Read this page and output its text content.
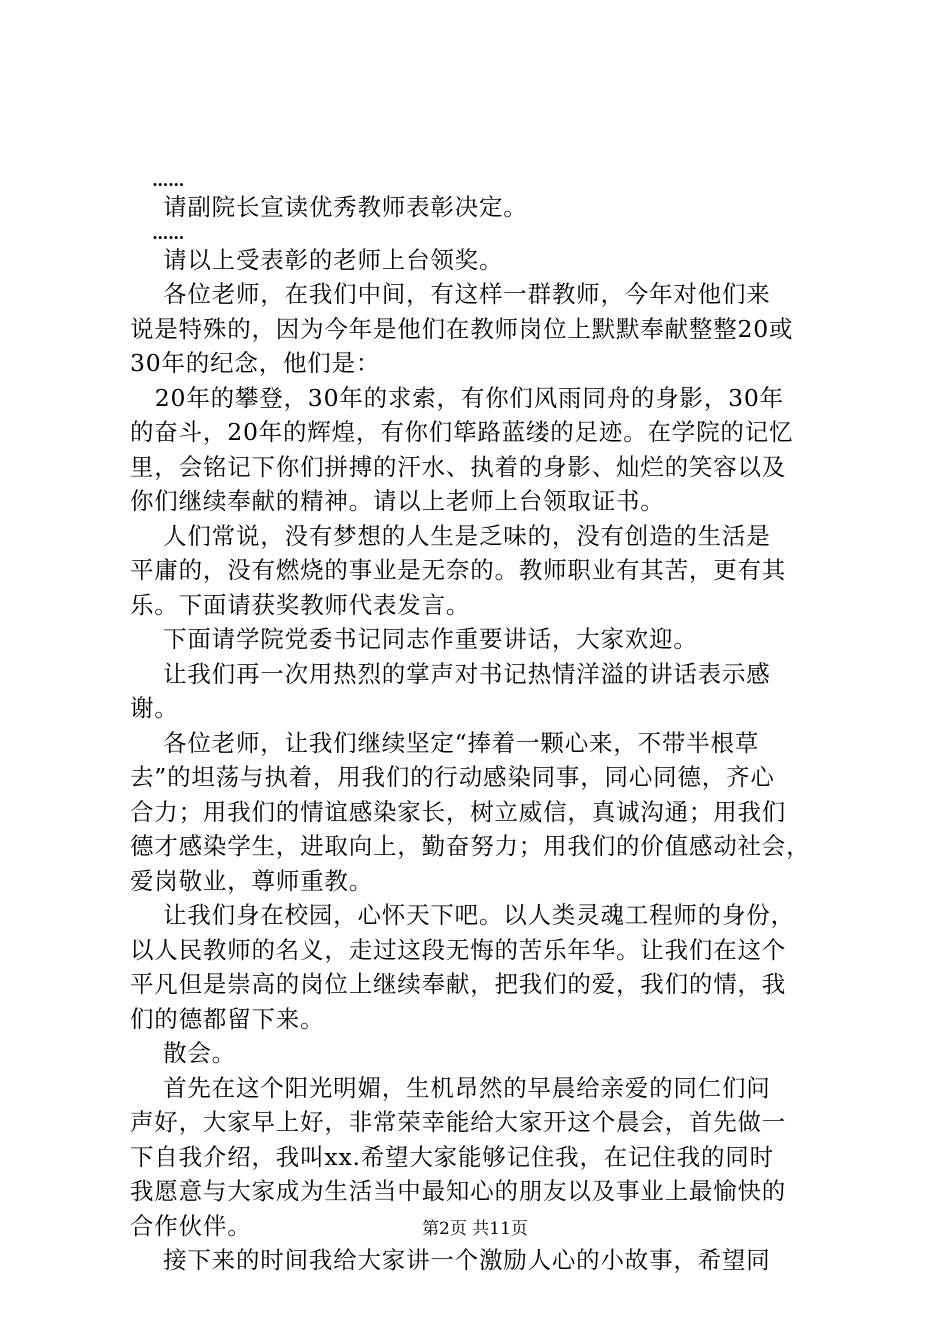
……
请副院长宣读优秀教师表彰决定。
……
请以上受表彰的老师上台领奖。
各位老师，在我们中间，有这样一群教师，今年对他们来
说是特殊的，因为今年是他们在教师岗位上默默奉献整整20或
30年的纪念，他们是：
20年的攀登，30年的求索，有你们风雨同舟的身影，30年
的奋斗，20年的辉煌，有你们筚路蓝缕的足迹。在学院的记忆
里，会铭记下你们拼搏的汗水、执着的身影、灿烂的笑容以及
你们继续奉献的精神。请以上老师上台领取证书。
人们常说，没有梦想的人生是乏味的，没有创造的生活是
平庸的，没有燃烧的事业是无奈的。教师职业有其苦，更有其
乐。下面请获奖教师代表发言。
下面请学院党委书记同志作重要讲话，大家欢迎。
让我们再一次用热烈的掌声对书记热情洋溢的讲话表示感
谢。
各位老师，让我们继续坚定“捧着一颗心来，不带半根草
去”的坦荡与执着，用我们的行动感染同事，同心同德，齐心
合力；用我们的情谊感染家长，树立威信，真诚沟通；用我们
德才感染学生，进取向上，勤奋努力；用我们的价值感动社会，
爱岗敬业，尊师重教。
让我们身在校园，心怀天下吧。以人类灵魂工程师的身份，
以人民教师的名义，走过这段无悔的苦乐年华。让我们在这个
平凡但是崇高的岗位上继续奉献，把我们的爱，我们的情，我
们的德都留下来。
散会。
首先在这个阳光明媚，生机昂然的早晨给亲爱的同仁们问
声好，大家早上好，非常荣幸能给大家开这个晨会，首先做一
下自我介绍，我叫xx.希望大家能够记住我，在记住我的同时
我愿意与大家成为生活当中最知心的朋友以及事业上最愉快的
合作伙伴。
接下来的时间我给大家讲一个激励人心的小故事，希望同
第2页 共11页
